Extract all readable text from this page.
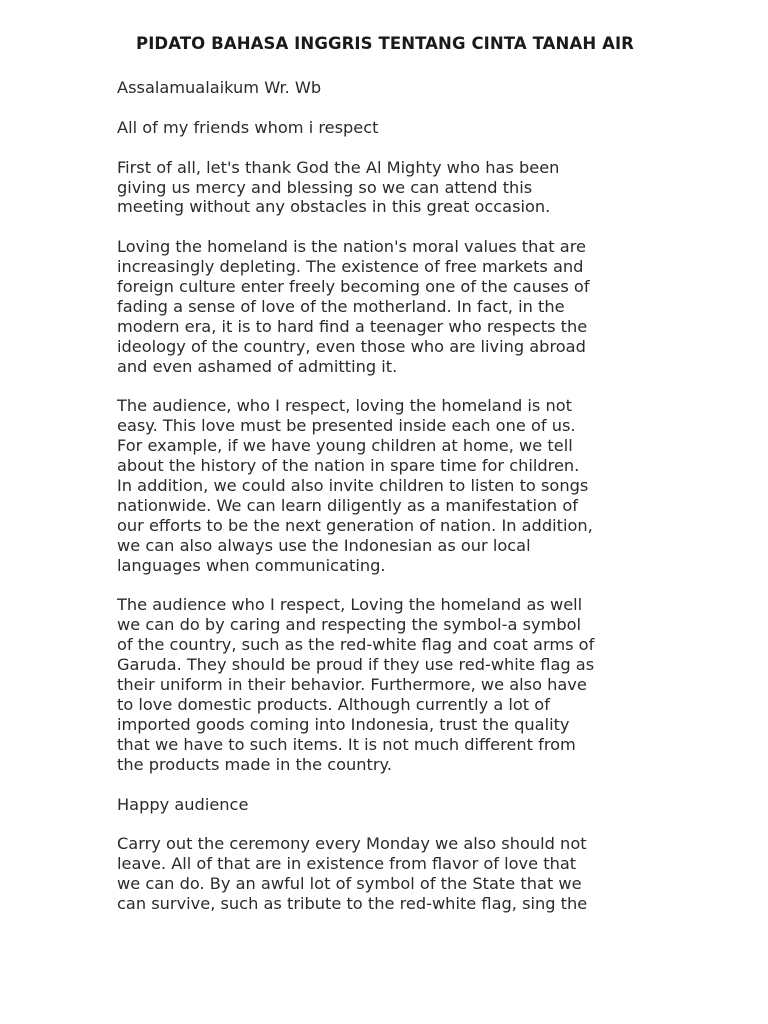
PIDATO BAHASA INGGRIS TENTANG CINTA TANAH AIR

Assalamualaikum Wr. Wb

All of my friends whom i respect

First of all, let's thank God the Al Mighty who has been
giving us mercy and blessing so we can attend this
meeting without any obstacles in this great occasion.

Loving the homeland is the nation's moral values that are
increasingly depleting. The existence of free markets and
foreign culture enter freely becoming one of the causes of
fading a sense of love of the motherland. In fact, in the
modern era, it is to hard find a teenager who respects the
ideology of the country, even those who are living abroad
and even ashamed of admitting it.

The audience, who I respect, loving the homeland is not
easy. This love must be presented inside each one of us.
For example, if we have young children at home, we tell
about the history of the nation in spare time for children.
In addition, we could also invite children to listen to songs
nationwide. We can learn diligently as a manifestation of
our efforts to be the next generation of nation. In addition,
we can also always use the Indonesian as our local
languages when communicating.

The audience who I respect, Loving the homeland as well
we can do by caring and respecting the symbol-a symbol
of the country, such as the red-white flag and coat arms of
Garuda. They should be proud if they use red-white flag as
their uniform in their behavior. Furthermore, we also have
to love domestic products. Although currently a lot of
imported goods coming into Indonesia, trust the quality
that we have to such items. It is not much different from
the products made in the country.

Happy audience

Carry out the ceremony every Monday we also should not
leave. All of that are in existence from flavor of love that
we can do. By an awful lot of symbol of the State that we
can survive, such as tribute to the red-white flag, sing the
